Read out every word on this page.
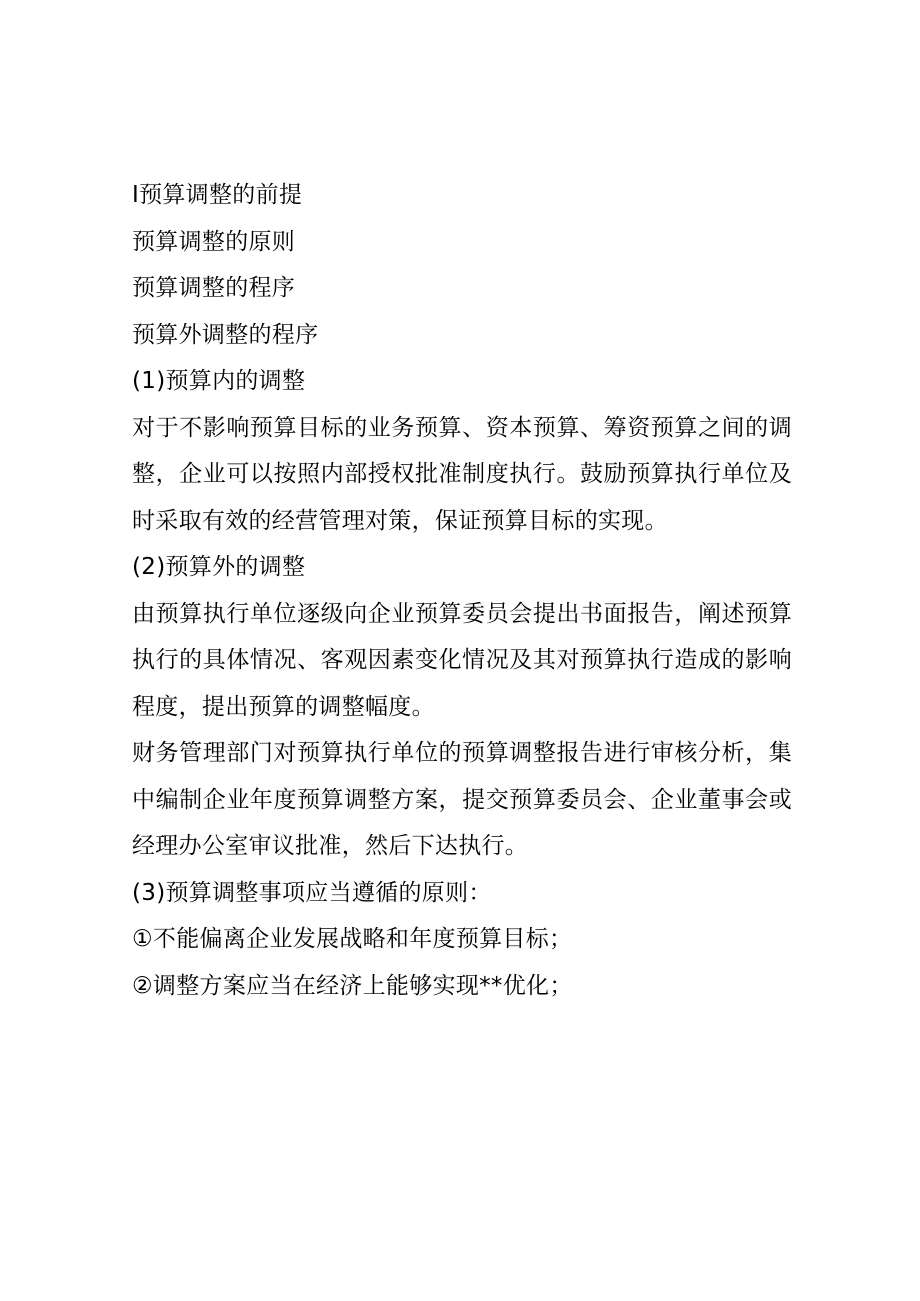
Ⅰ预算调整的前提
预算调整的原则
预算调整的程序
预算外调整的程序
(1)预算内的调整

对于不影响预算目标的业务预算、资本预算、筹资预算之间的调整，企业可以按照内部授权批准制度执行。鼓励预算执行单位及时采取有效的经营管理对策，保证预算目标的实现。

(2)预算外的调整

由预算执行单位逐级向企业预算委员会提出书面报告，阐述预算执行的具体情况、客观因素变化情况及其对预算执行造成的影响程度，提出预算的调整幅度。

财务管理部门对预算执行单位的预算调整报告进行审核分析，集中编制企业年度预算调整方案，提交预算委员会、企业董事会或经理办公室审议批准，然后下达执行。

(3)预算调整事项应当遵循的原则：
①不能偏离企业发展战略和年度预算目标；
②调整方案应当在经济上能够实现**优化；
